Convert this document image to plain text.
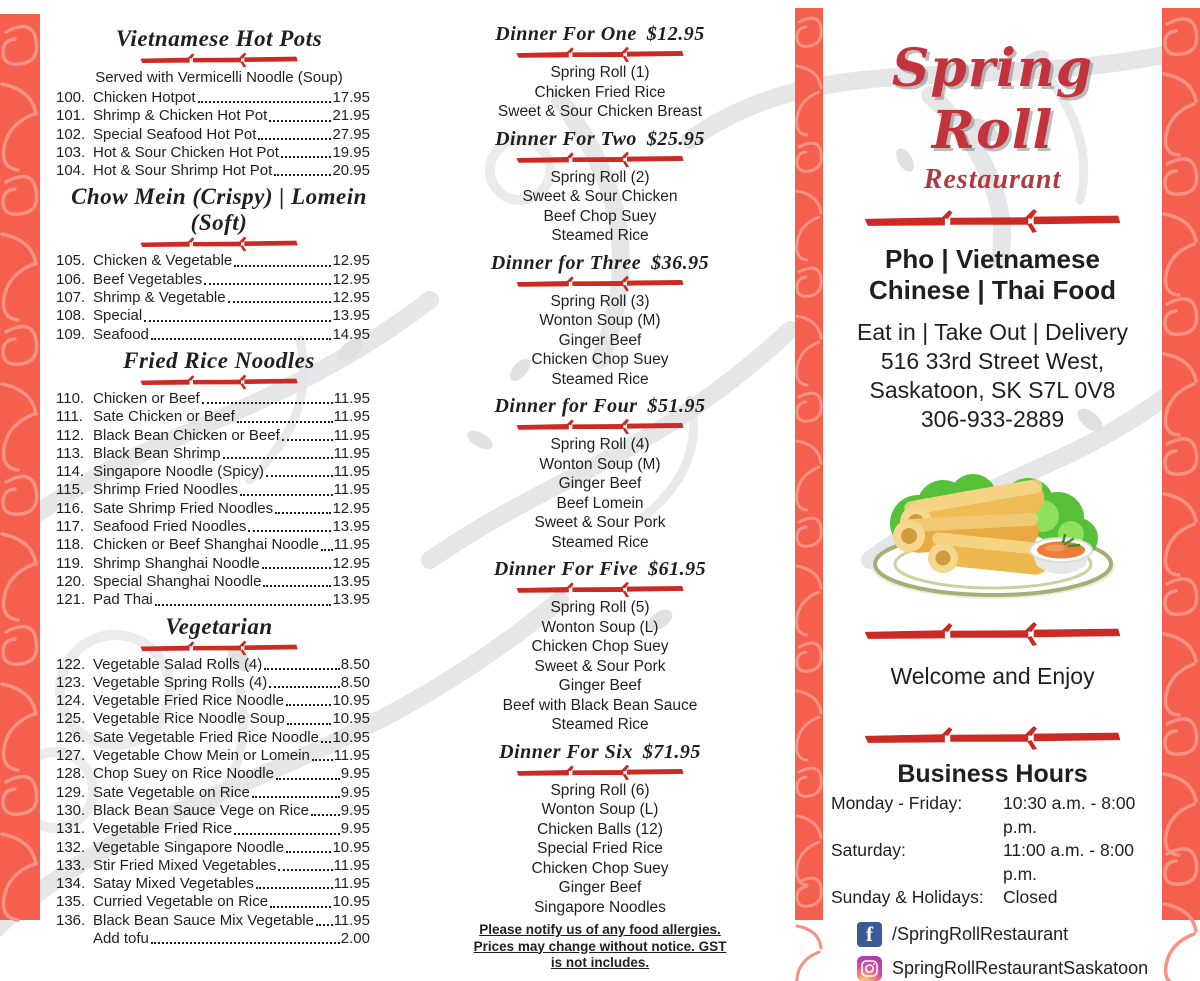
Vietnamese Hot Pots
Served with Vermicelli Noodle (Soup)
100. Chicken Hotpot	17.95
101. Shrimp & Chicken Hot Pot	21.95
102. Special Seafood Hot Pot	27.95
103. Hot & Sour Chicken Hot Pot	19.95
104. Hot & Sour Shrimp Hot Pot	20.95
Chow Mein (Crispy) | Lomein (Soft)
105. Chicken & Vegetable	12.95
106. Beef Vegetables	12.95
107. Shrimp & Vegetable	12.95
108. Special	13.95
109. Seafood	14.95
Fried Rice Noodles
110. Chicken or Beef	11.95
111. Sate Chicken or Beef	11.95
112. Black Bean Chicken or Beef	11.95
113. Black Bean Shrimp	11.95
114. Singapore Noodle (Spicy)	11.95
115. Shrimp Fried Noodles	11.95
116. Sate Shrimp Fried Noodles	12.95
117. Seafood Fried Noodles	13.95
118. Chicken or Beef Shanghai Noodle 11.95
119. Shrimp Shanghai Noodle	12.95
120. Special Shanghai Noodle	13.95
121. Pad Thai	13.95
Vegetarian
122. Vegetable Salad Rolls (4)	8.50
123. Vegetable Spring Rolls (4)	8.50
124. Vegetable Fried Rice Noodle	10.95
125. Vegetable Rice Noodle Soup	10.95
126. Sate Vegetable Fried Rice Noodle 10.95
127. Vegetable Chow Mein or Lomein 11.95
128. Chop Suey on Rice Noodle	9.95
129. Sate Vegetable on Rice	9.95
130. Black Bean Sauce Vege on Rice 9.95
131. Vegetable Fried Rice	9.95
132. Vegetable Singapore Noodle	10.95
133. Stir Fried Mixed Vegetables	11.95
134. Satay Mixed Vegetables	11.95
135. Curried Vegetable on Rice	10.95
136. Black Bean Sauce Mix Vegetable 11.95
Add tofu	2.00
Dinner For One $12.95
Spring Roll (1)
Chicken Fried Rice
Sweet & Sour Chicken Breast
Dinner For Two $25.95
Spring Roll (2)
Sweet & Sour Chicken
Beef Chop Suey
Steamed Rice
Dinner for Three $36.95
Spring Roll (3)
Wonton Soup (M)
Ginger Beef
Chicken Chop Suey
Steamed Rice
Dinner for Four $51.95
Spring Roll (4)
Wonton Soup (M)
Ginger Beef
Beef Lomein
Sweet & Sour Pork
Steamed Rice
Dinner For Five $61.95
Spring Roll (5)
Wonton Soup (L)
Chicken Chop Suey
Sweet & Sour Pork
Ginger Beef
Beef with Black Bean Sauce
Steamed Rice
Dinner For Six $71.95
Spring Roll (6)
Wonton Soup (L)
Chicken Balls (12)
Special Fried Rice
Chicken Chop Suey
Ginger Beef
Singapore Noodles
Please notify us of any food allergies.
Prices may change without notice. GST is not includes.
Spring Roll
Restaurant
Pho | Vietnamese
Chinese | Thai Food
Eat in | Take Out | Delivery
516 33rd Street West,
Saskatoon, SK S7L 0V8
306-933-2889
Welcome and Enjoy
Business Hours
Monday - Friday:	10:30 a.m. - 8:00 p.m.
Saturday:	11:00 a.m. - 8:00 p.m.
Sunday & Holidays:	Closed
f	/SpringRollRestaurant
SpringRollRestaurantSaskatoon
